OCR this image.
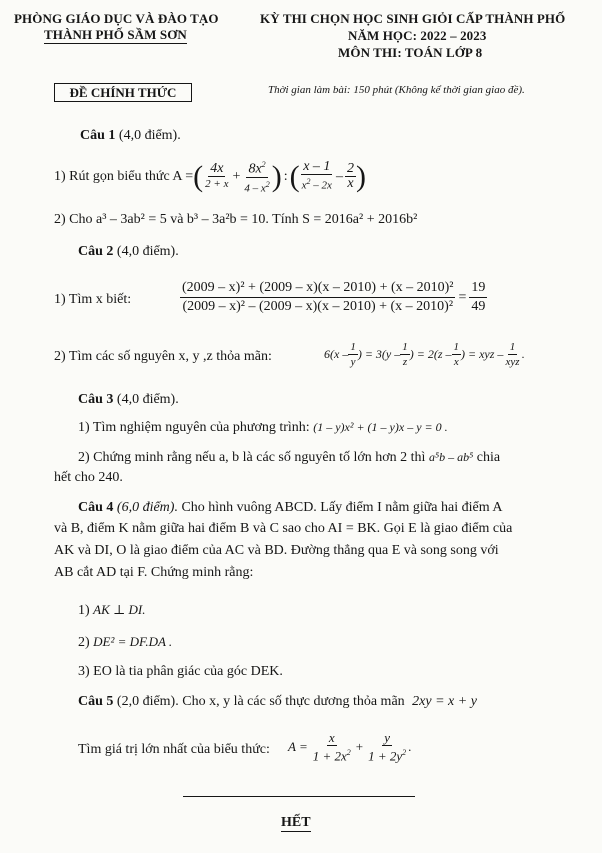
PHÒNG GIÁO DỤC VÀ ĐÀO TẠO
THÀNH PHỐ SẦM SƠN
KỲ THI CHỌN HỌC SINH GIỎI CẤP THÀNH PHỐ
NĂM HỌC: 2022 – 2023
MÔN THI: TOÁN LỚP 8
ĐỀ CHÍNH THỨC	Thời gian làm bài: 150 phút (Không kể thời gian giao đề).
Câu 1 (4,0 điểm).
1) Rút gọn biểu thức A = ( $\frac{4x}{2 + x} + \frac{8x^2}{4 - x^2}$ ) : ( $\frac{x - 1}{x^2 - 2x} - \frac{2}{x}$ )
2) Cho a³ – 3ab² = 5 và b³ – 3a²b = 10. Tính S = 2016a² + 2016b²
Câu 2 (4,0 điểm).
1) Tìm x biết:	$\frac{\text{(2009 – x)² + (2009 – x)(x – 2010) + (x – 2010)²}}{\text{(2009 – x)² – (2009 – x)(x – 2010) + (x – 2010)²}} = \frac{19}{49}$
2) Tìm các số nguyên x, y ,z thỏa mãn:	$6(x - \frac{1}{y}$ ) = $3(y - \frac{1}{z}$ ) = $2(z - \frac{1}{x}$ ) = xyz – $\frac{1}{\text{xyz}}$ .
Câu 3 (4,0 điểm).
1) Tìm nghiệm nguyên của phương trình: (1 – y)x² + (1 – y)x – y = 0 .
2) Chứng minh rằng nếu a, b là các số nguyên tố lớn hơn 2 thì a⁵b – ab⁵ chia
hết cho 240.
Câu 4 (6,0 điểm). Cho hình vuông ABCD. Lấy điểm I nằm giữa hai điểm A
và B, điểm K nằm giữa hai điểm B và C sao cho AI = BK. Gọi E là giao điểm của
AK và DI, O là giao điểm của AC và BD. Đường thẳng qua E và song song với
AB cắt AD tại F. Chứng minh rằng:
1) AK ⊥ DI.
2) DE² = DF.DA .
3) EO là tia phân giác của góc DEK.
Câu 5 (2,0 điểm). Cho x, y là các số thực dương thỏa mãn 2xy = x + y
Tìm giá trị lớn nhất của biểu thức: $A = \frac{x}{1 + 2x^2} + \frac{y}{1 + 2y^2}$ .
HẾT
